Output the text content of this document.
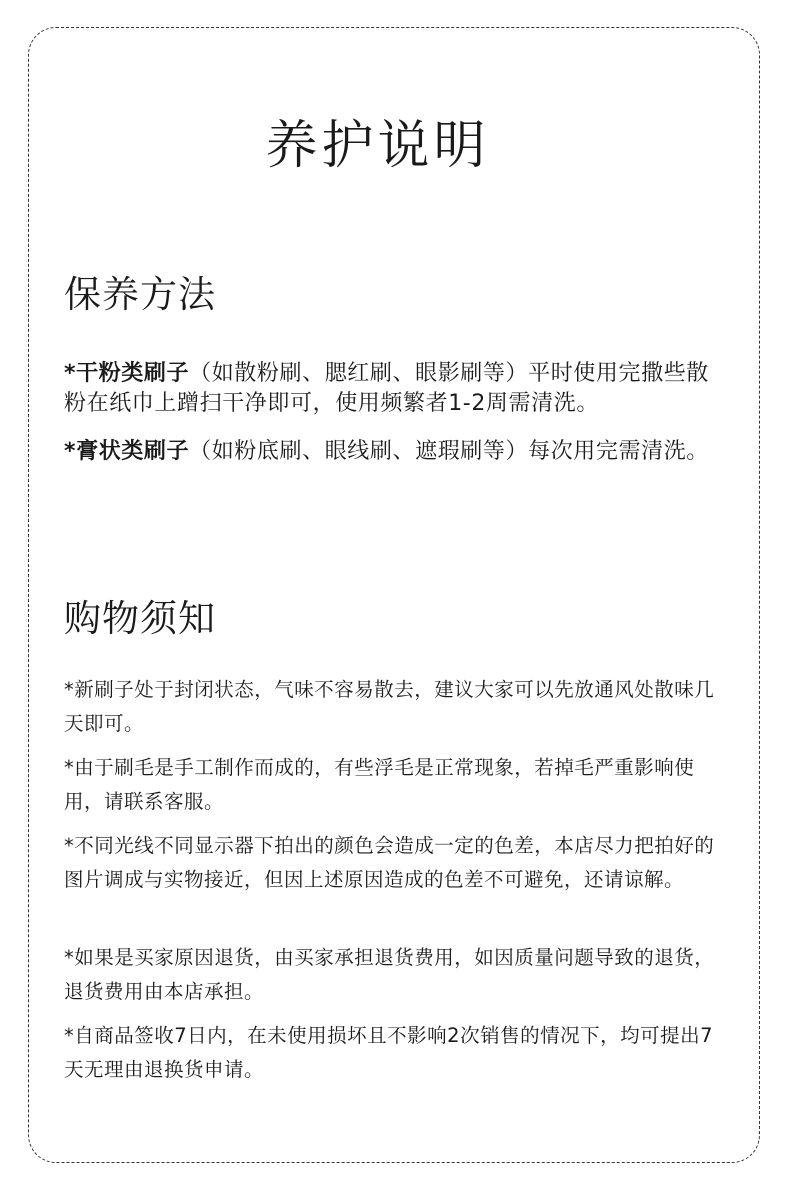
养护说明
保养方法
*干粉类刷子（如散粉刷、腮红刷、眼影刷等）平时使用完撒些散粉在纸巾上蹭扫干净即可，使用频繁者1-2周需清洗。
*膏状类刷子（如粉底刷、眼线刷、遮瑕刷等）每次用完需清洗。
购物须知
*新刷子处于封闭状态，气味不容易散去，建议大家可以先放通风处散味几天即可。
*由于刷毛是手工制作而成的，有些浮毛是正常现象，若掉毛严重影响使用，请联系客服。
*不同光线不同显示器下拍出的颜色会造成一定的色差，本店尽力把拍好的图片调成与实物接近，但因上述原因造成的色差不可避免，还请谅解。
*如果是买家原因退货，由买家承担退货费用，如因质量问题导致的退货，退货费用由本店承担。
*自商品签收7日内，在未使用损坏且不影响2次销售的情况下，均可提出7天无理由退换货申请。
